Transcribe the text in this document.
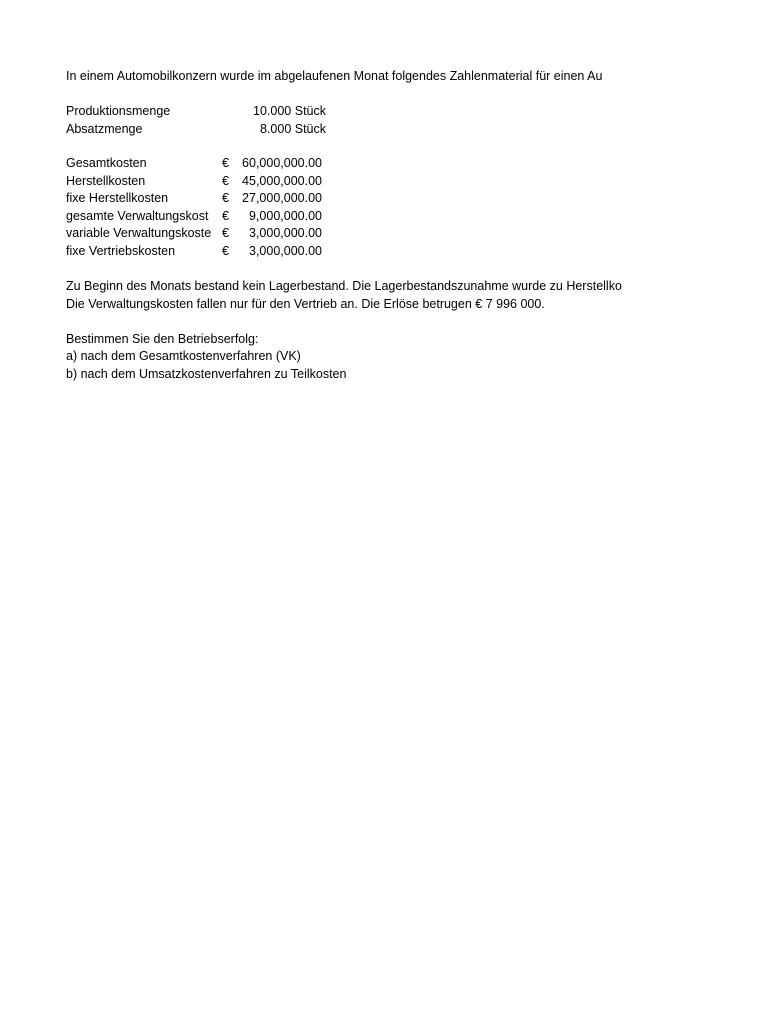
In einem Automobilkonzern wurde im abgelaufenen Monat folgendes Zahlenmaterial für einen Au
Produktionsmenge	10.000 Stück
Absatzmenge	8.000 Stück
Gesamtkosten	€	60,000,000.00
Herstellkosten	€	45,000,000.00
fixe Herstellkosten	€	27,000,000.00
gesamte Verwaltungskost	€	9,000,000.00
variable Verwaltungskoste €	3,000,000.00
fixe Vertriebskosten	€	3,000,000.00
Zu Beginn des Monats bestand kein Lagerbestand. Die Lagerbestandszunahme wurde zu Herstellko
Die Verwaltungskosten fallen nur für den Vertrieb an. Die Erlöse betrugen € 7 996 000.
Bestimmen Sie den Betriebserfolg:
a) nach dem Gesamtkostenverfahren (VK)
b) nach dem Umsatzkostenverfahren zu Teilkosten
